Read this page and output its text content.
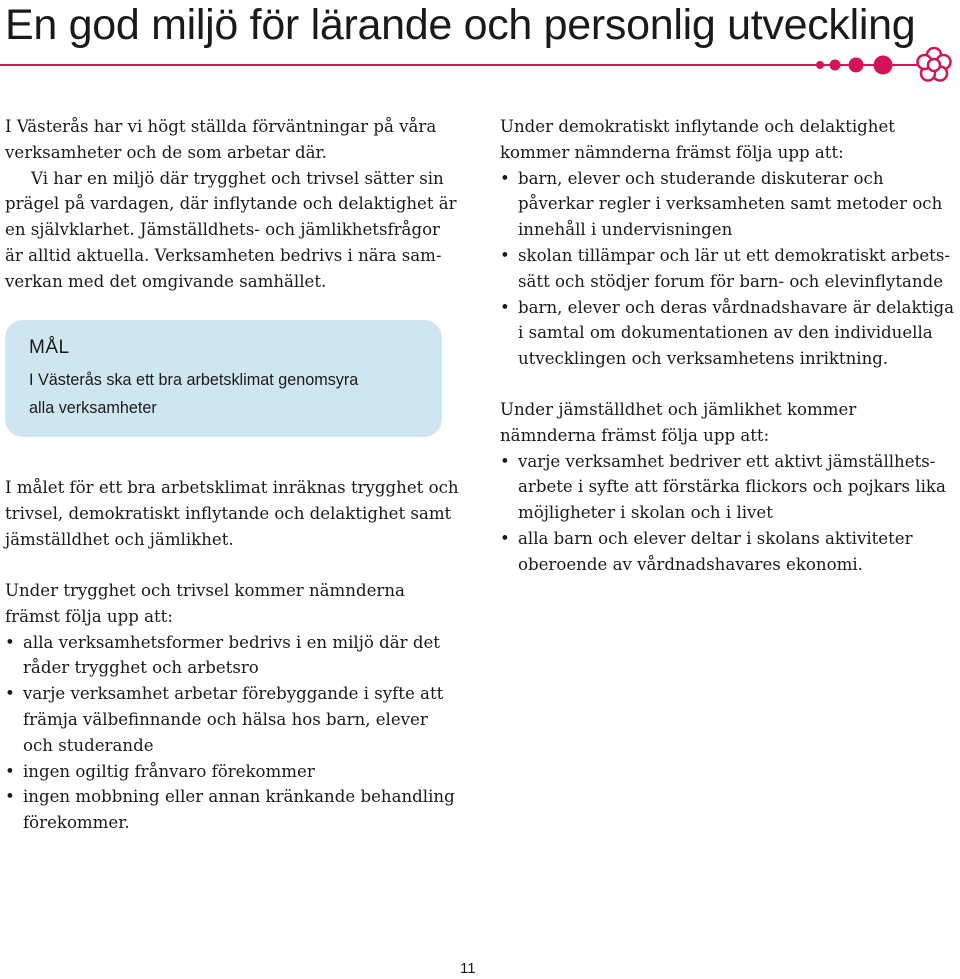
En god miljö för lärande och personlig utveckling

I Västerås har vi högt ställda förväntningar på våra
verksamheter och de som arbetar där.
Vi har en miljö där trygghet och trivsel sätter sin
prägel på vardagen, där inflytande och delaktighet är
en självklarhet. Jämställdhets- och jämlikhetsfrågor
är alltid aktuella. Verksamheten bedrivs i nära sam-
verkan med det omgivande samhället.

MÅL
I Västerås ska ett bra arbetsklimat genomsyra
alla verksamheter
I målet för ett bra arbetsklimat inräknas trygghet och
trivsel, demokratiskt inflytande och delaktighet samt
jämställdhet och jämlikhet.
Under trygghet och trivsel kommer nämnderna
främst följa upp att:
• alla verksamhetsformer bedrivs i en miljö där det
råder trygghet och arbetsro
• varje verksamhet arbetar förebyggande i syfte att
främja välbefinnande och hälsa hos barn, elever
och studerande
• ingen ogiltig frånvaro förekommer
• ingen mobbning eller annan kränkande behandling
förekommer.
Under demokratiskt inflytande och delaktighet
kommer nämnderna främst följa upp att:
• barn, elever och studerande diskuterar och
påverkar regler i verksamheten samt metoder och
innehåll i undervisningen
• skolan tillämpar och lär ut ett demokratiskt arbets-
sätt och stödjer forum för barn- och elevinflytande
• barn, elever och deras vårdnadshavare är delaktiga
i samtal om dokumentationen av den individuella
utvecklingen och verksamhetens inriktning.
Under jämställdhet och jämlikhet kommer
nämnderna främst följa upp att:
• varje verksamhet bedriver ett aktivt jämställhets-
arbete i syfte att förstärka flickors och pojkars lika
möjligheter i skolan och i livet
• alla barn och elever deltar i skolans aktiviteter
oberoende av vårdnadshavares ekonomi.
11
